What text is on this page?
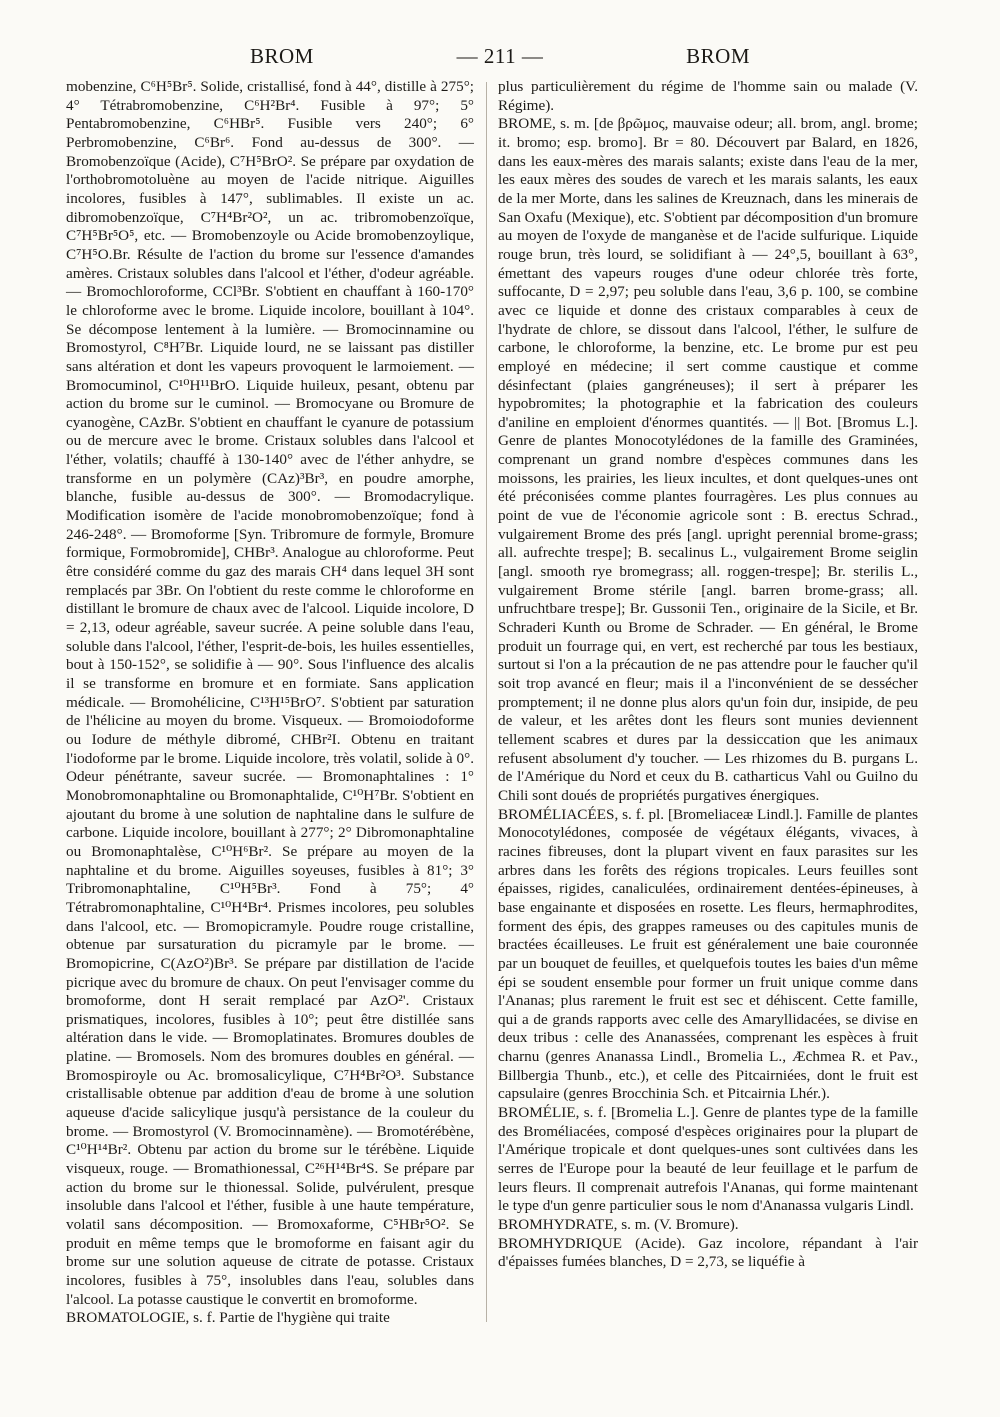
BROM	— 211 —	BROM

mobenzine, C⁶H⁵Br⁵. Solide, cristallisé, fond à 44°, distille à 275°; 4° Tétrabromobenzine, C⁶H²Br⁴. Fusible à 97°; 5° Pentabromobenzine, C⁶HBr⁵. Fusible vers 240°; 6° Perbromobenzine, C⁶Br⁶. Fond au-dessus de 300°. — Bromobenzoïque (Acide), C⁷H⁵BrO². Se prépare par oxydation de l'orthobromotoluène au moyen de l'acide nitrique. Aiguilles incolores, fusibles à 147°, sublimables. Il existe un ac. dibromobenzoïque, C⁷H⁴Br²O², un ac. tribromobenzoïque, C⁷H⁵Br⁵O⁵, etc. — Bromobenzoyle ou Acide bromobenzoylique, C⁷H⁵O.Br. Résulte de l'action du brome sur l'essence d'amandes amères. Cristaux solubles dans l'alcool et l'éther, d'odeur agréable. — Bromochloroforme, CCl³Br. S'obtient en chauffant à 160-170° le chloroforme avec le brome. Liquide incolore, bouillant à 104°. Se décompose lentement à la lumière. — Bromocinnamine ou Bromostyrol, C⁸H⁷Br. Liquide lourd, ne se laissant pas distiller sans altération et dont les vapeurs provoquent le larmoiement. — Bromocuminol, C¹⁰H¹¹BrO. Liquide huileux, pesant, obtenu par action du brome sur le cuminol. — Bromocyane ou Bromure de cyanogène, CAzBr. S'obtient en chauffant le cyanure de potassium ou de mercure avec le brome. Cristaux solubles dans l'alcool et l'éther, volatils; chauffé à 130-140° avec de l'éther anhydre, se transforme en un polymère (CAz)³Br³, en poudre amorphe, blanche, fusible au-dessus de 300°. — Bromodacrylique. Modification isomère de l'acide monobromobenzoïque; fond à 246-248°. — Bromoforme [Syn. Tribromure de formyle, Bromure formique, Formobromide], CHBr³. Analogue au chloroforme. Peut être considéré comme du gaz des marais CH⁴ dans lequel 3H sont remplacés par 3Br. On l'obtient du reste comme le chloroforme en distillant le bromure de chaux avec de l'alcool. Liquide incolore, D = 2,13, odeur agréable, saveur sucrée. A peine soluble dans l'eau, soluble dans l'alcool, l'éther, l'esprit-de-bois, les huiles essentielles, bout à 150-152°, se solidifie à — 90°. Sous l'influence des alcalis il se transforme en bromure et en formiate. Sans application médicale. — Bromohélicine, C¹³H¹⁵BrO⁷. S'obtient par saturation de l'hélicine au moyen du brome. Visqueux. — Bromoiodoforme ou Iodure de méthyle dibromé, CHBr²I. Obtenu en traitant l'iodoforme par le brome. Liquide incolore, très volatil, solide à 0°. Odeur pénétrante, saveur sucrée. — Bromonaphtalines : 1° Monobromonaphtaline ou Bromonaphtalide, C¹⁰H⁷Br. S'obtient en ajoutant du brome à une solution de naphtaline dans le sulfure de carbone. Liquide incolore, bouillant à 277°; 2° Dibromonaphtaline ou Bromonaphtalèse, C¹⁰H⁶Br². Se prépare au moyen de la naphtaline et du brome. Aiguilles soyeuses, fusibles à 81°; 3° Tribromonaphtaline, C¹⁰H⁵Br³. Fond à 75°; 4° Tétrabromonaphtaline, C¹⁰H⁴Br⁴. Prismes incolores, peu solubles dans l'alcool, etc. — Bromopicramyle. Poudre rouge cristalline, obtenue par sursaturation du picramyle par le brome. — Bromopicrine, C(AzO²)Br³. Se prépare par distillation de l'acide picrique avec du bromure de chaux. On peut l'envisager comme du bromoforme, dont H serait remplacé par AzO²'. Cristaux prismatiques, incolores, fusibles à 10°; peut être distillée sans altération dans le vide. — Bromoplatinates. Bromures doubles de platine. — Bromosels. Nom des bromures doubles en général. — Bromospiroyle ou Ac. bromosalicylique, C⁷H⁴Br²O³. Substance cristallisable obtenue par addition d'eau de brome à une solution aqueuse d'acide salicylique jusqu'à persistance de la couleur du brome. — Bromostyrol (V. Bromocinnamène). — Bromotérébène, C¹⁰H¹⁴Br². Obtenu par action du brome sur le térébène. Liquide visqueux, rouge. — Bromathionessal, C²⁶H¹⁴Br⁴S. Se prépare par action du brome sur le thionessal. Solide, pulvérulent, presque insoluble dans l'alcool et l'éther, fusible à une haute température, volatil sans décomposition. — Bromoxaforme, C⁵HBr⁵O². Se produit en même temps que le bromoforme en faisant agir du brome sur une solution aqueuse de citrate de potasse. Cristaux incolores, fusibles à 75°, insolubles dans l'eau, solubles dans l'alcool. La potasse caustique le convertit en bromoforme.

BROMATOLOGIE, s. f. Partie de l'hygiène qui traite

plus particulièrement du régime de l'homme sain ou malade (V. Régime).

BROME, s. m. [de βρῶμος, mauvaise odeur; all. brom, angl. brome; it. bromo; esp. bromo]. Br = 80. Découvert par Balard, en 1826, dans les eaux-mères des marais salants; existe dans l'eau de la mer, les eaux mères des soudes de varech et les marais salants, les eaux de la mer Morte, dans les salines de Kreuznach, dans les minerais de San Oxafu (Mexique), etc. S'obtient par décomposition d'un bromure au moyen de l'oxyde de manganèse et de l'acide sulfurique. Liquide rouge brun, très lourd, se solidifiant à — 24°,5, bouillant à 63°, émettant des vapeurs rouges d'une odeur chlorée très forte, suffocante, D = 2,97; peu soluble dans l'eau, 3,6 p. 100, se combine avec ce liquide et donne des cristaux comparables à ceux de l'hydrate de chlore, se dissout dans l'alcool, l'éther, le sulfure de carbone, le chloroforme, la benzine, etc. Le brome pur est peu employé en médecine; il sert comme caustique et comme désinfectant (plaies gangréneuses); il sert à préparer les hypobromites; la photographie et la fabrication des couleurs d'aniline en emploient d'énormes quantités. — || Bot. [Bromus L.]. Genre de plantes Monocotylédones de la famille des Graminées, comprenant un grand nombre d'espèces communes dans les moissons, les prairies, les lieux incultes, et dont quelques-unes ont été préconisées comme plantes fourragères. Les plus connues au point de vue de l'économie agricole sont : B. erectus Schrad., vulgairement Brome des prés [angl. upright perennial brome-grass; all. aufrechte trespe]; B. secalinus L., vulgairement Brome seiglin [angl. smooth rye bromegrass; all. roggen-trespe]; Br. sterilis L., vulgairement Brome stérile [angl. barren brome-grass; all. unfruchtbare trespe]; Br. Gussonii Ten., originaire de la Sicile, et Br. Schraderi Kunth ou Brome de Schrader. — En général, le Brome produit un fourrage qui, en vert, est recherché par tous les bestiaux, surtout si l'on a la précaution de ne pas attendre pour le faucher qu'il soit trop avancé en fleur; mais il a l'inconvénient de se dessécher promptement; il ne donne plus alors qu'un foin dur, insipide, de peu de valeur, et les arêtes dont les fleurs sont munies deviennent tellement scabres et dures par la dessiccation que les animaux refusent absolument d'y toucher. — Les rhizomes du B. purgans L. de l'Amérique du Nord et ceux du B. catharticus Vahl ou Guilno du Chili sont doués de propriétés purgatives énergiques.

BROMÉLIACÉES, s. f. pl. [Bromeliaceæ Lindl.]. Famille de plantes Monocotylédones, composée de végétaux élégants, vivaces, à racines fibreuses, dont la plupart vivent en faux parasites sur les arbres dans les forêts des régions tropicales. Leurs feuilles sont épaisses, rigides, canaliculées, ordinairement dentées-épineuses, à base engainante et disposées en rosette. Les fleurs, hermaphrodites, forment des épis, des grappes rameuses ou des capitules munis de bractées écailleuses. Le fruit est généralement une baie couronnée par un bouquet de feuilles, et quelquefois toutes les baies d'un même épi se soudent ensemble pour former un fruit unique comme dans l'Ananas; plus rarement le fruit est sec et déhiscent. Cette famille, qui a de grands rapports avec celle des Amaryllidacées, se divise en deux tribus : celle des Ananassées, comprenant les espèces à fruit charnu (genres Ananassa Lindl., Bromelia L., Æchmea R. et Pav., Billbergia Thunb., etc.), et celle des Pitcairniées, dont le fruit est capsulaire (genres Brocchinia Sch. et Pitcairnia Lhér.).

BROMÉLIE, s. f. [Bromelia L.]. Genre de plantes type de la famille des Broméliacées, composé d'espèces originaires pour la plupart de l'Amérique tropicale et dont quelques-unes sont cultivées dans les serres de l'Europe pour la beauté de leur feuillage et le parfum de leurs fleurs. Il comprenait autrefois l'Ananas, qui forme maintenant le type d'un genre particulier sous le nom d'Ananassa vulgaris Lindl.

BROMHYDRATE, s. m. (V. Bromure).

BROMHYDRIQUE (Acide). Gaz incolore, répandant à l'air d'épaisses fumées blanches, D = 2,73, se liquéfie à
